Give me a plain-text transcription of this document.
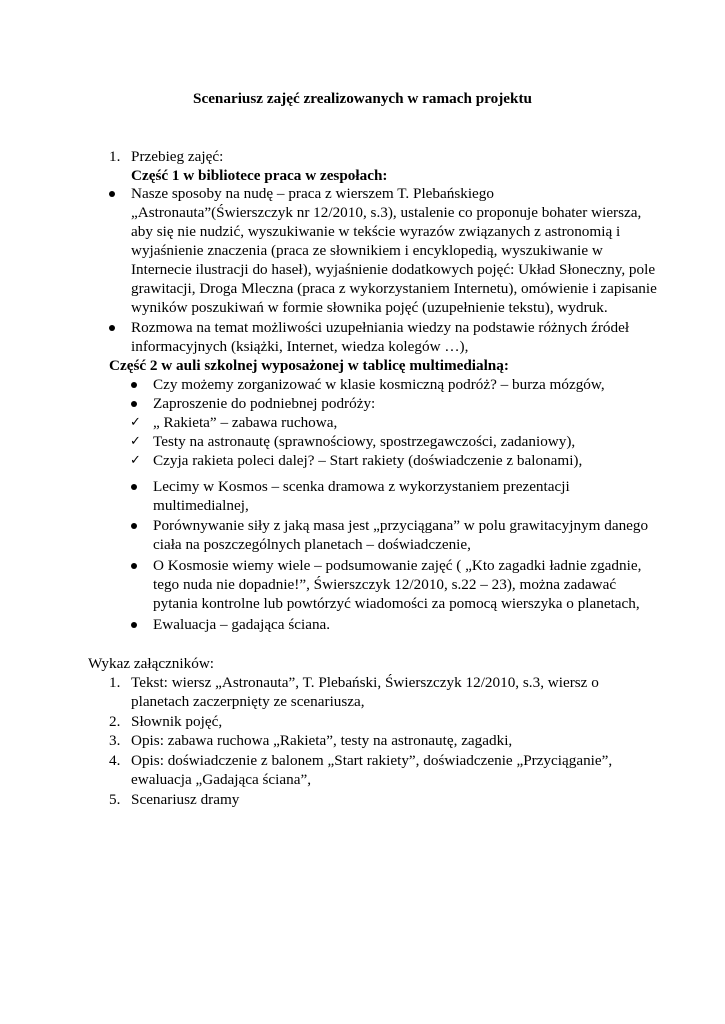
Scenariusz zajęć zrealizowanych w ramach projektu
1. Przebieg zajęć:
Część 1 w bibliotece praca w zespołach:
Nasze sposoby na nudę – praca z wierszem T. Plebańskiego
„Astronauta”(Świerszczyk nr 12/2010, s.3), ustalenie co proponuje bohater wiersza,
aby się nie nudzić, wyszukiwanie w tekście wyrazów związanych z astronomią i
wyjaśnienie znaczenia (praca ze słownikiem i encyklopedią, wyszukiwanie w
Internecie ilustracji do haseł), wyjaśnienie dodatkowych pojęć: Układ Słoneczny, pole
grawitacji, Droga Mleczna (praca z wykorzystaniem Internetu), omówienie i zapisanie
wyników poszukiwań w formie słownika pojęć (uzupełnienie tekstu), wydruk.
Rozmowa na temat możliwości uzupełniania wiedzy na podstawie różnych źródeł
informacyjnych (książki, Internet, wiedza kolegów …),
Część 2 w auli szkolnej wyposażonej w tablicę multimedialną:
Czy możemy zorganizować w klasie kosmiczną podróż? – burza mózgów,
Zaproszenie do podniebnej podróży:
✓ „ Rakieta” – zabawa ruchowa,
✓ Testy na astronautę (sprawnościowy, spostrzegawczości, zadaniowy),
✓ Czyja rakieta poleci dalej? – Start rakiety (doświadczenie z balonami),
Lecimy w Kosmos – scenka dramowa z wykorzystaniem prezentacji
multimedialnej,
Porównywanie siły z jaką masa jest „przyciągana” w polu grawitacyjnym danego
ciała na poszczególnych planetach – doświadczenie,
O Kosmosie wiemy wiele – podsumowanie zajęć ( „Kto zagadki ładnie zgadnie,
tego nuda nie dopadnie!”, Świerszczyk 12/2010, s.22 – 23), można zadawać
pytania kontrolne lub powtórzyć wiadomości za pomocą wierszyka o planetach,
Ewaluacja – gadająca ściana.
Wykaz załączników:
1. Tekst: wiersz „Astronauta”, T. Plebański, Świerszczyk 12/2010, s.3, wiersz o
planetach zaczerpnięty ze scenariusza,
2. Słownik pojęć,
3. Opis: zabawa ruchowa „Rakieta”, testy na astronautę, zagadki,
4. Opis: doświadczenie z balonem „Start rakiety”, doświadczenie „Przyciąganie”,
ewaluacja „Gadająca ściana”,
5. Scenariusz dramy
